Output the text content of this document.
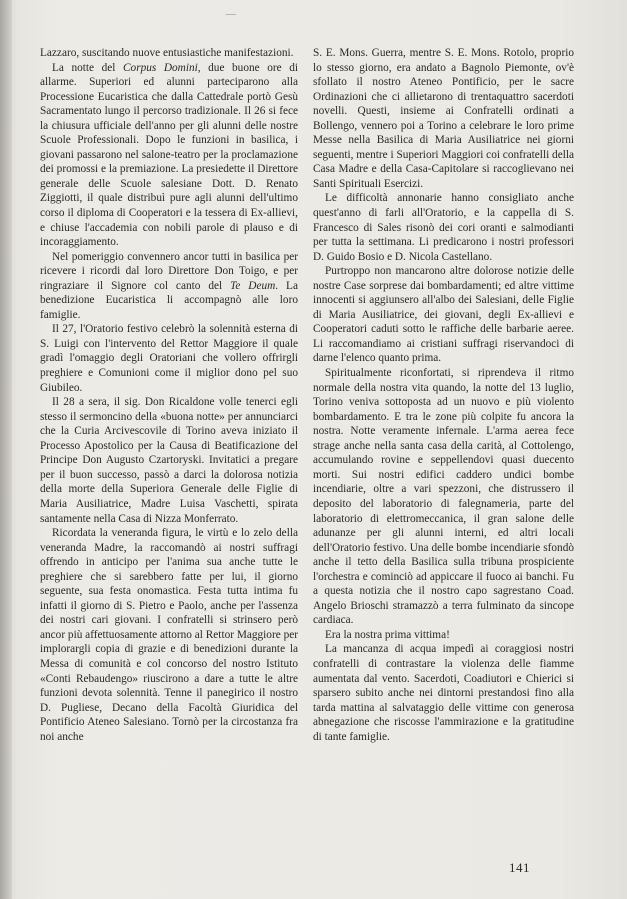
Lazzaro, suscitando nuove entusiastiche manifestazioni.

La notte del Corpus Domini, due buone ore di allarme. Superiori ed alunni parteciparono alla Processione Eucaristica che dalla Cattedrale portò Gesù Sacramentato lungo il percorso tradizionale. Il 26 si fece la chiusura ufficiale dell'anno per gli alunni delle nostre Scuole Professionali. Dopo le funzioni in basilica, i giovani passarono nel salone-teatro per la proclamazione dei promossi e la premiazione. La presiedette il Direttore generale delle Scuole salesiane Dott. D. Renato Ziggiotti, il quale distribuì pure agli alunni dell'ultimo corso il diploma di Cooperatori e la tessera di Ex-allievi, e chiuse l'accademia con nobili parole di plauso e di incoraggiamento.

Nel pomeriggio convennero ancor tutti in basilica per ricevere i ricordi dal loro Direttore Don Toigo, e per ringraziare il Signore col canto del Te Deum. La benedizione Eucaristica li accompagnò alle loro famiglie.

Il 27, l'Oratorio festivo celebrò la solennità esterna di S. Luigi con l'intervento del Rettor Maggiore il quale gradì l'omaggio degli Oratoriani che vollero offrirgli preghiere e Comunioni come il miglior dono pel suo Giubileo.

Il 28 a sera, il sig. Don Ricaldone volle tenerci egli stesso il sermoncino della «buona notte» per annunciarci che la Curia Arcivescovile di Torino aveva iniziato il Processo Apostolico per la Causa di Beatificazione del Principe Don Augusto Czartoryski. Invitatici a pregare per il buon successo, passò a darci la dolorosa notizia della morte della Superiora Generale delle Figlie di Maria Ausiliatrice, Madre Luisa Vaschetti, spirata santamente nella Casa di Nizza Monferrato.

Ricordata la veneranda figura, le virtù e lo zelo della veneranda Madre, la raccomandò ai nostri suffragi offrendo in anticipo per l'anima sua anche tutte le preghiere che si sarebbero fatte per lui, il giorno seguente, sua festa onomastica. Festa tutta intima fu infatti il giorno di S. Pietro e Paolo, anche per l'assenza dei nostri cari giovani. I confratelli si strinsero però ancor più affettuosamente attorno al Rettor Maggiore per implorargli copia di grazie e di benedizioni durante la Messa di comunità e col concorso del nostro Istituto «Conti Rebaudengo» riuscirono a dare a tutte le altre funzioni devota solennità. Tenne il panegirico il nostro D. Pugliese, Decano della Facoltà Giuridica del Pontificio Ateneo Salesiano. Tornò per la circostanza fra noi anche

S. E. Mons. Guerra, mentre S. E. Mons. Rotolo, proprio lo stesso giorno, era andato a Bagnolo Piemonte, ov'è sfollato il nostro Ateneo Pontificio, per le sacre Ordinazioni che ci allietarono di trentaquattro sacerdoti novelli. Questi, insieme ai Confratelli ordinati a Bollengo, vennero poi a Torino a celebrare le loro prime Messe nella Basilica di Maria Ausiliatrice nei giorni seguenti, mentre i Superiori Maggiori coi confratelli della Casa Madre e della Casa-Capitolare si raccoglievano nei Santi Spirituali Esercizi.

Le difficoltà annonarie hanno consigliato anche quest'anno di farli all'Oratorio, e la cappella di S. Francesco di Sales risonò dei cori oranti e salmodianti per tutta la settimana. Li predicarono i nostri professori D. Guido Bosio e D. Nicola Castellano.

Purtroppo non mancarono altre dolorose notizie delle nostre Case sorprese dai bombardamenti; ed altre vittime innocenti si aggiunsero all'albo dei Salesiani, delle Figlie di Maria Ausiliatrice, dei giovani, degli Ex-allievi e Cooperatori caduti sotto le raffiche delle barbarie aeree. Li raccomandiamo ai cristiani suffragi riservandoci di darne l'elenco quanto prima.

Spiritualmente riconfortati, si riprendeva il ritmo normale della nostra vita quando, la notte del 13 luglio, Torino veniva sottoposta ad un nuovo e più violento bombardamento. E tra le zone più colpite fu ancora la nostra. Notte veramente infernale. L'arma aerea fece strage anche nella santa casa della carità, al Cottolengo, accumulando rovine e seppellendovi quasi duecento morti. Sui nostri edifici caddero undici bombe incendiarie, oltre a vari spezzoni, che distrussero il deposito del laboratorio di falegnameria, parte del laboratorio di elettromeccanica, il gran salone delle adunanze per gli alunni interni, ed altri locali dell'Oratorio festivo. Una delle bombe incendiarie sfondò anche il tetto della Basilica sulla tribuna prospiciente l'orchestra e cominciò ad appiccare il fuoco ai banchi. Fu a questa notizia che il nostro capo sagrestano Coad. Angelo Brioschi stramazzò a terra fulminato da sincope cardiaca.

Era la nostra prima vittima!

La mancanza di acqua impedì ai coraggiosi nostri confratelli di contrastare la violenza delle fiamme aumentata dal vento. Sacerdoti, Coadiutori e Chierici si sparsero subito anche nei dintorni prestandosi fino alla tarda mattina al salvataggio delle vittime con generosa abnegazione che riscosse l'ammirazione e la gratitudine di tante famiglie.

141
